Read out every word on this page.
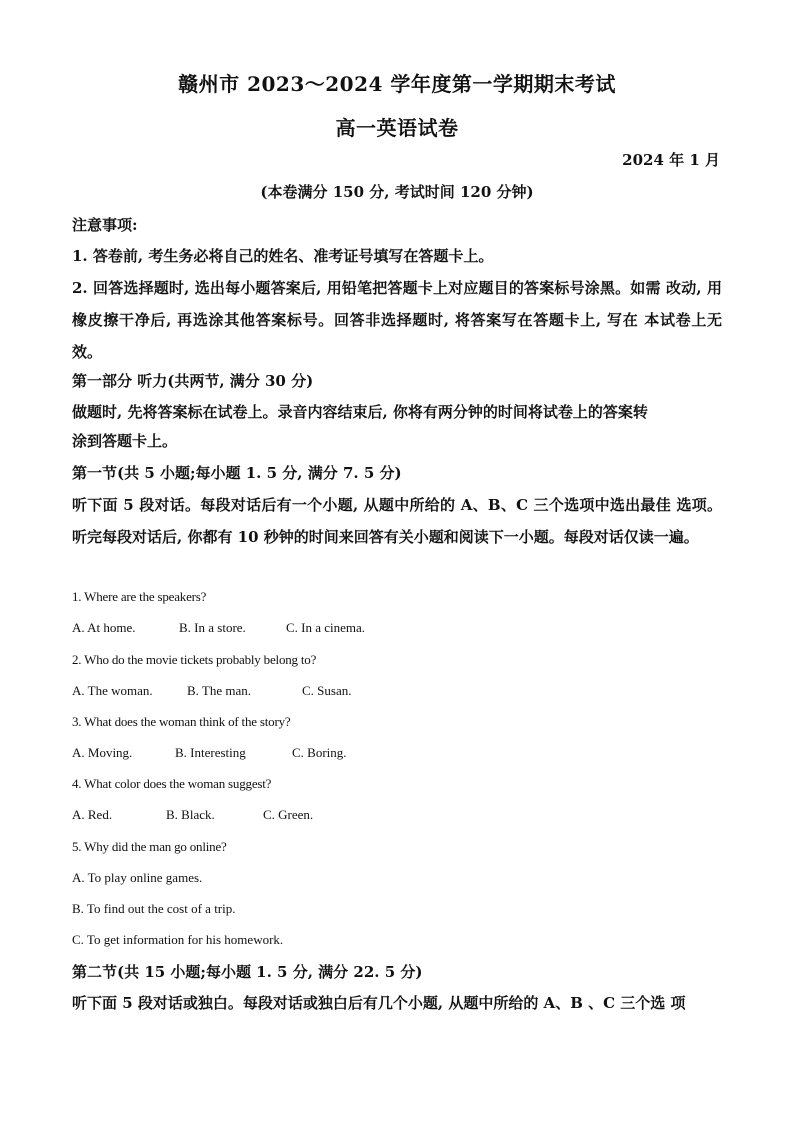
赣州市 2023～2024 学年度第一学期期末考试
高一英语试卷
2024 年 1 月
(本卷满分 150 分, 考试时间 120 分钟)
注意事项:
1. 答卷前, 考生务必将自己的姓名、准考证号填写在答题卡上。
2. 回答选择题时, 选出每小题答案后, 用铅笔把答题卡上对应题目的答案标号涂黑。如需 改动, 用橡皮擦干净后, 再选涂其他答案标号。回答非选择题时, 将答案写在答题卡上, 写在 本试卷上无效。
第一部分 听力(共两节, 满分 30 分)
做题时, 先将答案标在试卷上。录音内容结束后, 你将有两分钟的时间将试卷上的答案转
涂到答题卡上。
第一节(共 5 小题;每小题 1. 5 分, 满分 7. 5 分)
听下面 5 段对话。每段对话后有一个小题, 从题中所给的 A、B、C 三个选项中选出最佳 选项。听完每段对话后, 你都有 10 秒钟的时间来回答有关小题和阅读下一小题。每段对话仅读一遍。
1. Where are the speakers?
A. At home.	B. In a store.	C. In a cinema.
2. Who do the movie tickets probably belong to?
A. The woman.	B. The man.	C. Susan.
3. What does the woman think of the story?
A. Moving.	B. Interesting	C. Boring.
4. What color does the woman suggest?
A. Red.	B. Black.	C. Green.
5. Why did the man go online?
A. To play online games.
B. To find out the cost of a trip.
C. To get information for his homework.
第二节(共 15 小题;每小题 1. 5 分, 满分 22. 5 分)
听下面 5 段对话或独白。每段对话或独白后有几个小题, 从题中所给的 A、B 、C 三个选 项
